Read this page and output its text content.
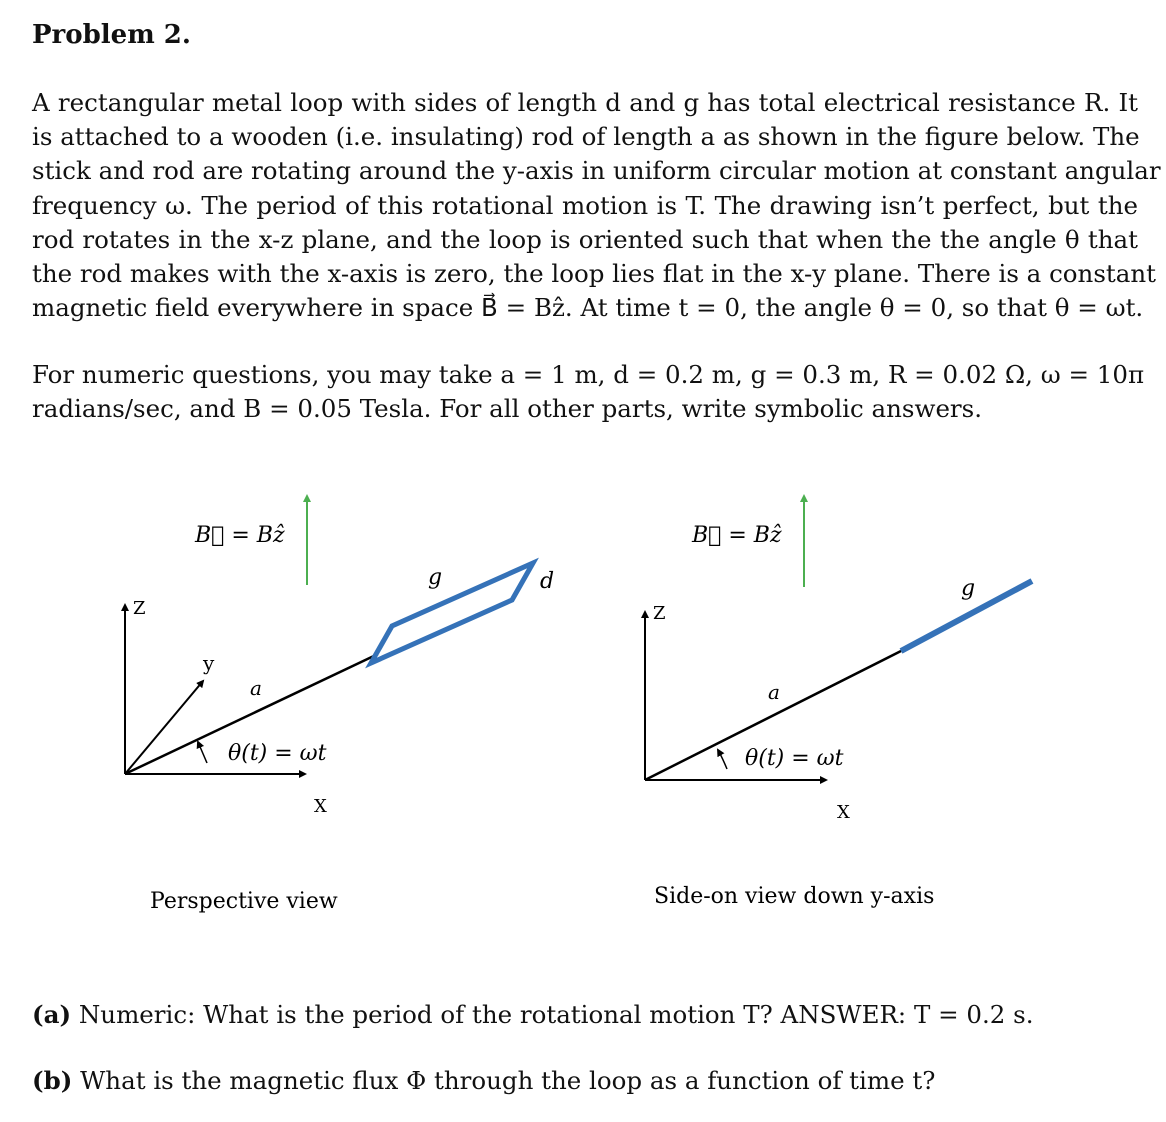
Problem 2.
A rectangular metal loop with sides of length d and g has total electrical resistance R. It
is attached to a wooden (i.e. insulating) rod of length a as shown in the figure below. The
stick and rod are rotating around the y-axis in uniform circular motion at constant angular
frequency ω. The period of this rotational motion is T. The drawing isn’t perfect, but the
rod rotates in the x-z plane, and the loop is oriented such that when the the angle θ that
the rod makes with the x-axis is zero, the loop lies flat in the x-y plane. There is a constant
magnetic field everywhere in space B⃗ = Bẑ. At time t = 0, the angle θ = 0, so that θ = ωt.
For numeric questions, you may take a = 1 m, d = 0.2 m, g = 0.3 m, R = 0.02 Ω, ω = 10π
radians/sec, and B = 0.05 Tesla. For all other parts, write symbolic answers.
B⃗ = Bẑ
Z
y
X
a
θ(t) = ωt
g	d
Perspective view
B⃗ = Bẑ
Z
X
a
θ(t) = ωt
g
Side-on view down y-axis
(a) Numeric: What is the period of the rotational motion T? ANSWER: T = 0.2 s.
(b) What is the magnetic flux Φ through the loop as a function of time t?
